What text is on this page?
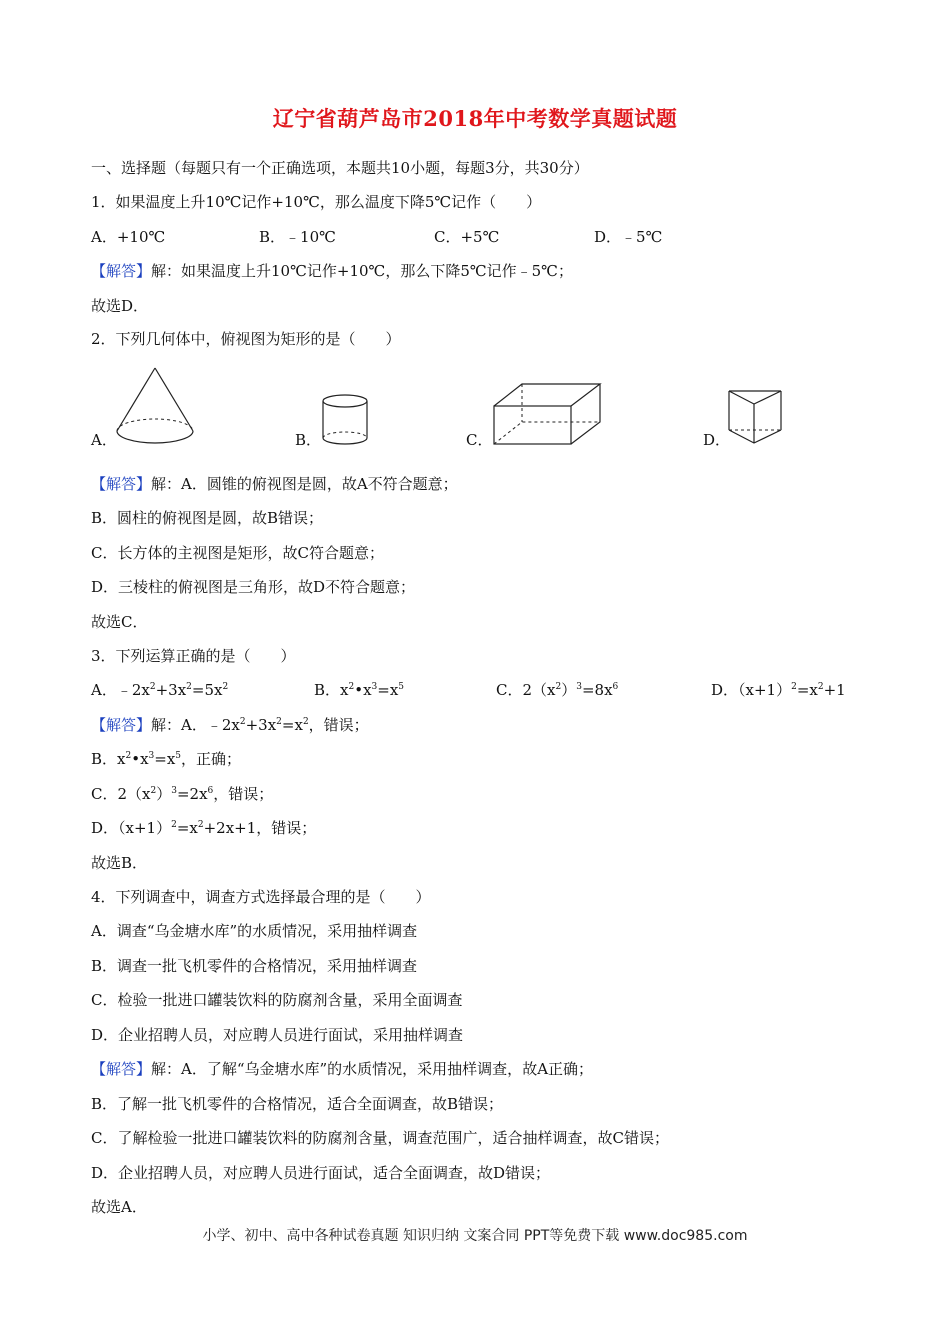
辽宁省葫芦岛市2018年中考数学真题试题
一、选择题（每题只有一个正确选项，本题共10小题，每题3分，共30分）
1．如果温度上升10℃记作+10℃，那么温度下降5℃记作（　　）
A．+10℃	B．﹣10℃	C．+5℃	D．﹣5℃
【解答】解：如果温度上升10℃记作+10℃，那么下降5℃记作﹣5℃；
故选D．
2．下列几何体中，俯视图为矩形的是（　　）
A．	B．	C．	D．
【解答】解：A．圆锥的俯视图是圆，故A不符合题意；
B．圆柱的俯视图是圆，故B错误；
C．长方体的主视图是矩形，故C符合题意；
D．三棱柱的俯视图是三角形，故D不符合题意；
故选C．
3．下列运算正确的是（　　）
A．$﹣2x^2+3x^2=5x^2$	B．$x^2•x^3=x^5$	C．$2(x^2)^3=8x^6$	D．$(x+1)^2=x^2+1$
【解答】解：A．$﹣2x^2+3x^2=x^2$，错误；
B．$x^2•x^3=x^5$，正确；
C．$2(x^2)^3=2x^6$，错误；
D．$(x+1)^2=x^2+2x+1$，错误；
故选B．
4．下列调查中，调查方式选择最合理的是（　　）
A．调查“乌金塘水库”的水质情况，采用抽样调查
B．调查一批飞机零件的合格情况，采用抽样调查
C．检验一批进口罐装饮料的防腐剂含量，采用全面调查
D．企业招聘人员，对应聘人员进行面试，采用抽样调查
【解答】解：A．了解“乌金塘水库”的水质情况，采用抽样调查，故A正确；
B．了解一批飞机零件的合格情况，适合全面调查，故B错误；
C．了解检验一批进口罐装饮料的防腐剂含量，调查范围广，适合抽样调查，故C错误；
D．企业招聘人员，对应聘人员进行面试，适合全面调查，故D错误；
故选A．
小学、初中、高中各种试卷真题 知识归纳 文案合同 PPT等免费下载 www.doc985.com
